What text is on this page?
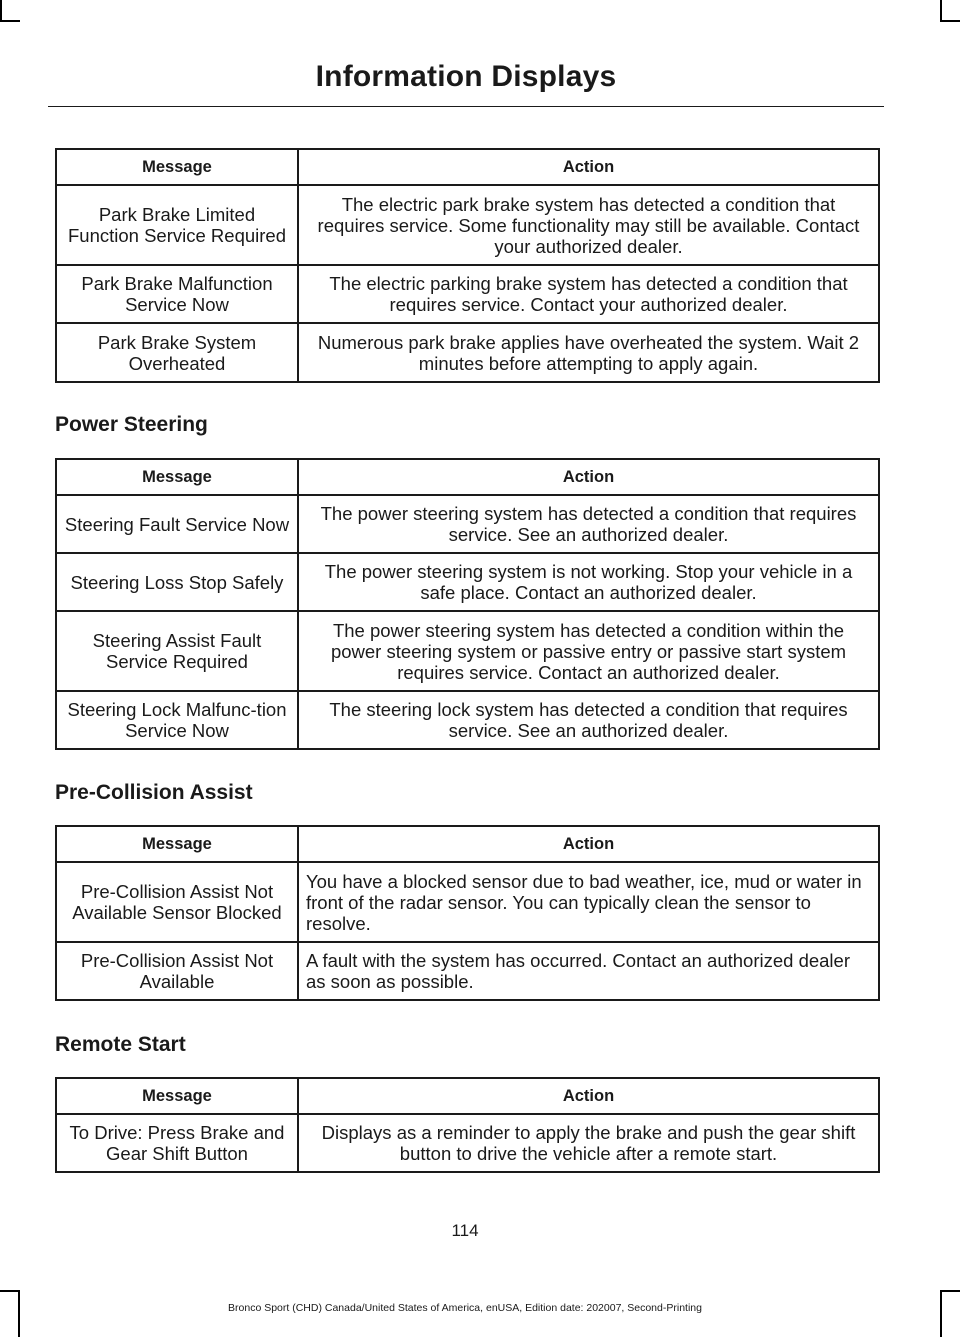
Information Displays
Message	Action
Park Brake Limited Function Service Required	The electric park brake system has detected a condition that requires service. Some functionality may still be available. Contact your authorized dealer.
Park Brake Malfunction Service Now	The electric parking brake system has detected a condition that requires service. Contact your authorized dealer.
Park Brake System Overheated	Numerous park brake applies have overheated the system. Wait 2 minutes before attempting to apply again.
Power Steering
Message	Action
Steering Fault Service Now	The power steering system has detected a condition that requires service. See an authorized dealer.
Steering Loss Stop Safely	The power steering system is not working. Stop your vehicle in a safe place. Contact an authorized dealer.
Steering Assist Fault Service Required	The power steering system has detected a condition within the power steering system or passive entry or passive start system requires service. Contact an authorized dealer.
Steering Lock Malfunc-tion Service Now	The steering lock system has detected a condition that requires service. See an authorized dealer.
Pre-Collision Assist
Message	Action
Pre-Collision Assist Not Available Sensor Blocked	You have a blocked sensor due to bad weather, ice, mud or water in front of the radar sensor. You can typically clean the sensor to resolve.
Pre-Collision Assist Not Available	A fault with the system has occurred. Contact an authorized dealer as soon as possible.
Remote Start
Message	Action
To Drive: Press Brake and Gear Shift Button	Displays as a reminder to apply the brake and push the gear shift button to drive the vehicle after a remote start.
114
Bronco Sport (CHD) Canada/United States of America, enUSA, Edition date: 202007, Second-Printing
